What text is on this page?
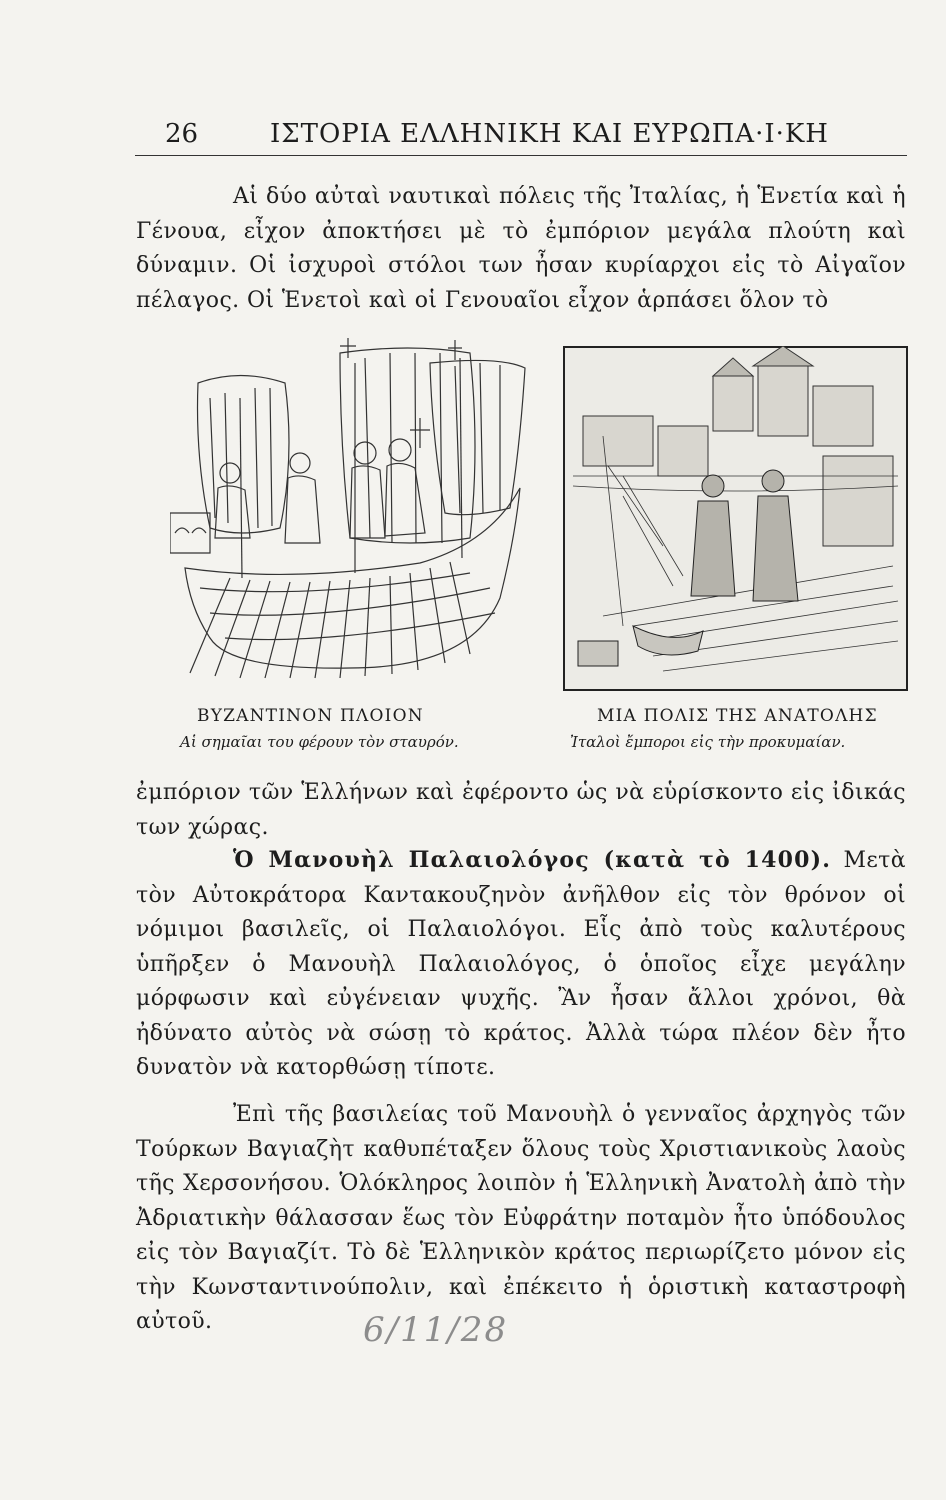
26	ΙΣΤΟΡΙΑ ΕΛΛΗΝΙΚΗ ΚΑΙ ΕΥΡΩΠΑ·Ι·ΚΗ

Αἱ δύο αὐταὶ ναυτικαὶ πόλεις τῆς Ἰταλίας, ἡ Ἑνετία καὶ ἡ Γένουα, εἶχον ἀποκτήσει μὲ τὸ ἐμπόριον μεγάλα πλούτη καὶ δύναμιν. Οἱ ἰσχυροὶ στόλοι των ἦσαν κυρίαρχοι εἰς τὸ Αἰγαῖον πέλαγος. Οἱ Ἑνετοὶ καὶ οἱ Γενουαῖοι εἶχον ἁρπάσει ὅλον τὸ

ΒΥΖΑΝΤΙΝΟΝ ΠΛΟΙΟΝ
Αἱ σημαῖαι του φέρουν τὸν σταυρόν.
ΜΙΑ ΠΟΛΙΣ ΤΗΣ ΑΝΑΤΟΛΗΣ
Ἰταλοὶ ἔμποροι εἰς τὴν προκυμαίαν.

ἐμπόριον τῶν Ἑλλήνων καὶ ἐφέροντο ὡς νὰ εὑρίσκοντο εἰς ἰδικάς των χώρας.

Ὁ Μανουὴλ Παλαιολόγος (κατὰ τὸ 1400). Μετὰ τὸν Αὐτοκράτορα Καντακουζηνὸν ἀνῆλθον εἰς τὸν θρόνον οἱ νόμιμοι βασιλεῖς, οἱ Παλαιολόγοι. Εἷς ἀπὸ τοὺς καλυτέρους ὑπῆρξεν ὁ Μανουὴλ Παλαιολόγος, ὁ ὁποῖος εἶχε μεγάλην μόρφωσιν καὶ εὐγένειαν ψυχῆς. Ἂν ἦσαν ἄλλοι χρόνοι, θὰ ἠδύνατο αὐτὸς νὰ σώσῃ τὸ κράτος. Ἀλλὰ τώρα πλέον δὲν ἦτο δυνατὸν νὰ κατορθώσῃ τίποτε.

Ἐπὶ τῆς βασιλείας τοῦ Μανουὴλ ὁ γενναῖος ἀρχηγὸς τῶν Τούρκων Βαγιαζὴτ καθυπέταξεν ὅλους τοὺς Χριστιανικοὺς λαοὺς τῆς Χερσονήσου. Ὁλόκληρος λοιπὸν ἡ Ἑλληνικὴ Ἀνατολὴ ἀπὸ τὴν Ἀδριατικὴν θάλασσαν ἕως τὸν Εὐφράτην ποταμὸν ἦτο ὑπόδουλος εἰς τὸν Βαγιαζίτ. Τὸ δὲ Ἑλληνικὸν κράτος περιωρίζετο μόνον εἰς τὴν Κωνσταντινούπολιν, καὶ ἐπέκειτο ἡ ὁριστικὴ καταστροφὴ αὐτοῦ.	6/11/28
